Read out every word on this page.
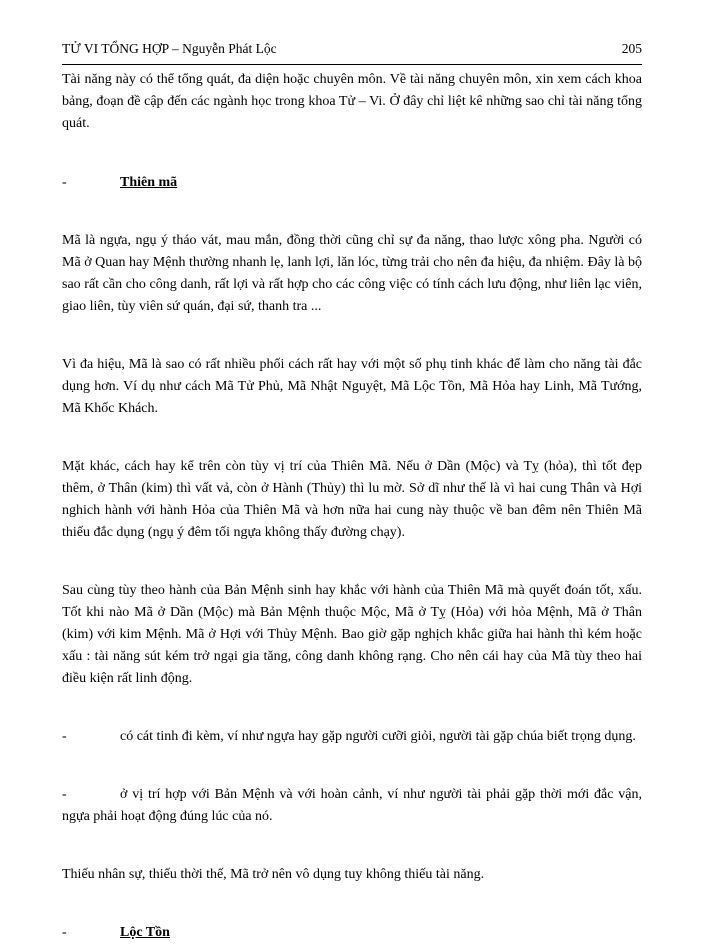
TỬ VI TỔNG HỢP – Nguyễn Phát Lộc	205

Tài năng này có thể tổng quát, đa diện hoặc chuyên môn. Về tài năng chuyên môn, xin xem cách khoa bảng, đoạn đề cập đến các ngành học trong khoa Tử – Vi. Ở đây chỉ liệt kê những sao chỉ tài năng tổng quát.

-	Thiên mã

Mã là ngựa, ngụ ý tháo vát, mau mắn, đồng thời cũng chỉ sự đa năng, thao lược xông pha. Người có Mã ở Quan hay Mệnh thường nhanh lẹ, lanh lợi, lăn lóc, từng trải cho nên đa hiệu, đa nhiệm. Đây là bộ sao rất cần cho công danh, rất lợi và rất hợp cho các công việc có tính cách lưu động, như liên lạc viên, giao liên, tùy viên sứ quán, đại sứ, thanh tra ...

Vì đa hiệu, Mã là sao có rất nhiều phối cách rất hay với một số phụ tinh khác để làm cho năng tài đắc dụng hơn. Ví dụ như cách Mã Tử Phủ, Mã Nhật Nguyệt, Mã Lộc Tồn, Mã Hỏa hay Linh, Mã Tướng, Mã Khốc Khách.

Mặt khác, cách hay kể trên còn tùy vị trí của Thiên Mã. Nếu ở Dần (Mộc) và Tỵ (hỏa), thì tốt đẹp thêm, ở Thân (kim) thì vất vả, còn ở Hành (Thủy) thì lu mờ. Sở dĩ như thế là vì hai cung Thân và Hợi nghich hành với hành Hỏa của Thiên Mã và hơn nữa hai cung này thuộc về ban đêm nên Thiên Mã thiếu đắc dụng (ngụ ý đêm tối ngựa không thấy đường chạy).

Sau cùng tùy theo hành của Bản Mệnh sinh hay khắc với hành của Thiên Mã mà quyết đoán tốt, xấu. Tốt khi nào Mã ở Dần (Mộc) mà Bản Mệnh thuộc Mộc, Mã ở Tỵ (Hỏa) với hỏa Mệnh, Mã ở Thân (kim) với kim Mệnh. Mã ở Hợi với Thủy Mệnh. Bao giờ gặp nghịch khắc giữa hai hành thì kém hoặc xấu : tài năng sút kém trở ngại gia tăng, công danh không rạng. Cho nên cái hay của Mã tùy theo hai điều kiện rất linh động.

-	có cát tinh đi kèm, ví như ngựa hay gặp người cưỡi giỏi, người tài gặp chúa biết trọng dụng.

-	ở vị trí hợp với Bản Mệnh và với hoàn cảnh, ví như người tài phải gặp thời mới đắc vận, ngựa phải hoạt động đúng lúc của nó.

Thiếu nhân sự, thiếu thời thế, Mã trở nên vô dụng tuy không thiếu tài năng.

-	Lộc Tồn
